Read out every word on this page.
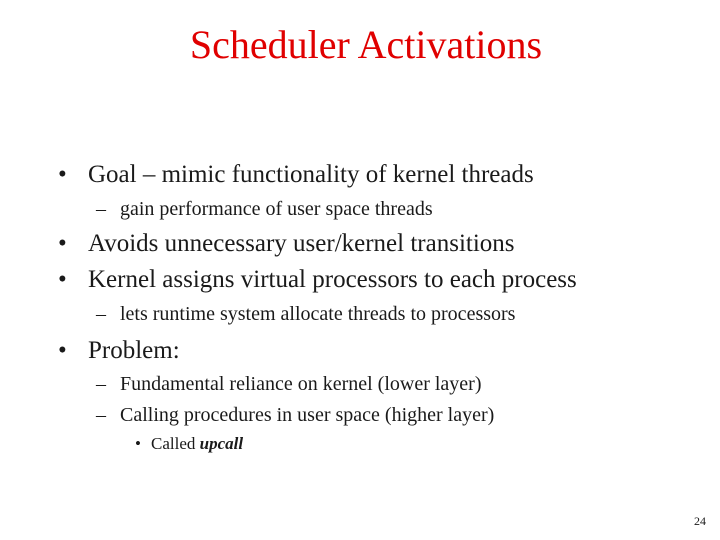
Scheduler Activations
• Goal – mimic functionality of kernel threads
– gain performance of user space threads
• Avoids unnecessary user/kernel transitions
• Kernel assigns virtual processors to each process
– lets runtime system allocate threads to processors
• Problem:
– Fundamental reliance on kernel (lower layer)
– Calling procedures in user space (higher layer)
• Called upcall
24
